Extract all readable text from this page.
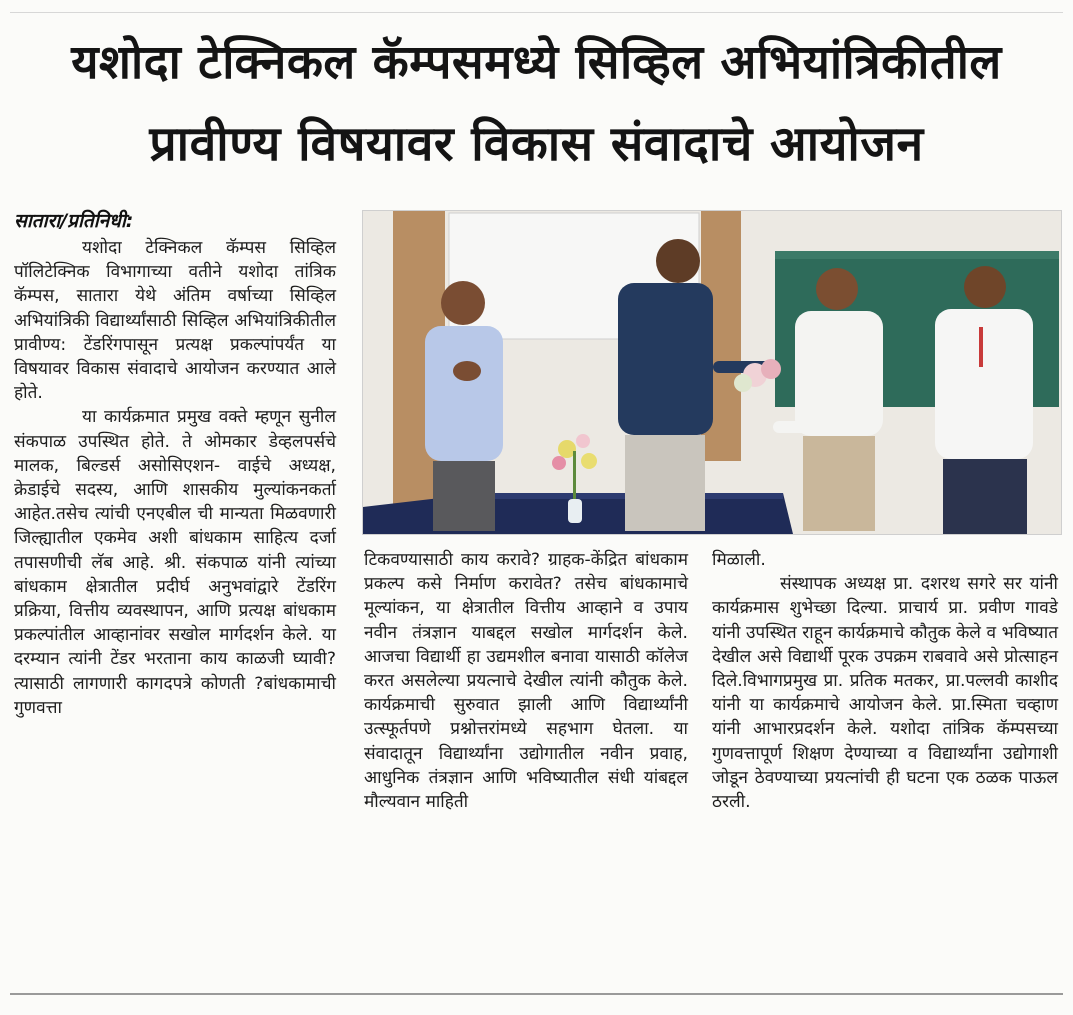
यशोदा टेक्निकल कॅम्पसमध्ये सिव्हिल अभियांत्रिकीतील
प्रावीण्य विषयावर विकास संवादाचे आयोजन
सातारा/प्रतिनिधी:

यशोदा टेक्निकल कॅम्पस सिव्हिल पॉलिटेक्निक विभागाच्या वतीने यशोदा तांत्रिक कॅम्पस, सातारा येथे अंतिम वर्षाच्या सिव्हिल अभियांत्रिकी विद्यार्थ्यांसाठी सिव्हिल अभियांत्रिकीतील प्रावीण्य: टेंडरिंगपासून प्रत्यक्ष प्रकल्पांपर्यंत या विषयावर विकास संवादाचे आयोजन करण्यात आले होते.

या कार्यक्रमात प्रमुख वक्ते म्हणून सुनील संकपाळ उपस्थित होते. ते ओमकार डेव्हलपर्सचे मालक, बिल्डर्स असोसिएशन- वाईचे अध्यक्ष, क्रेडाईचे सदस्य, आणि शासकीय मुल्यांकनकर्ता आहेत.तसेच त्यांची एनएबील ची मान्यता मिळवणारी जिल्ह्यातील एकमेव अशी बांधकाम साहित्य दर्जा तपासणीची लॅब आहे. श्री. संकपाळ यांनी त्यांच्या बांधकाम क्षेत्रातील प्रदीर्घ अनुभवांद्वारे टेंडरिंग प्रक्रिया, वित्तीय व्यवस्थापन, आणि प्रत्यक्ष बांधकाम प्रकल्पांतील आव्हानांवर सखोल मार्गदर्शन केले. या दरम्यान त्यांनी टेंडर भरताना काय काळजी घ्यावी? त्यासाठी लागणारी कागदपत्रे कोणती ?बांधकामाची गुणवत्ता

टिकवण्यासाठी काय करावे? ग्राहक-केंद्रित बांधकाम प्रकल्प कसे निर्माण करावेत? तसेच बांधकामाचे मूल्यांकन, या क्षेत्रातील वित्तीय आव्हाने व उपाय नवीन तंत्रज्ञान याबद्दल सखोल मार्गदर्शन केले. आजचा विद्यार्थी हा उद्यमशील बनावा यासाठी कॉलेज करत असलेल्या प्रयत्नाचे देखील त्यांनी कौतुक केले. कार्यक्रमाची सुरुवात झाली आणि विद्यार्थ्यांनी उत्स्फूर्तपणे प्रश्नोत्तरांमध्ये सहभाग घेतला. या संवादातून विद्यार्थ्यांना उद्योगातील नवीन प्रवाह, आधुनिक तंत्रज्ञान आणि भविष्यातील संधी यांबद्दल मौल्यवान माहिती

मिळाली.

संस्थापक अध्यक्ष प्रा. दशरथ सगरे सर यांनी कार्यक्रमास शुभेच्छा दिल्या. प्राचार्य प्रा. प्रवीण गावडे यांनी उपस्थित राहून कार्यक्रमाचे कौतुक केले व भविष्यात देखील असे विद्यार्थी पूरक उपक्रम राबवावे असे प्रोत्साहन दिले.विभागप्रमुख प्रा. प्रतिक मतकर, प्रा.पल्लवी काशीद यांनी या कार्यक्रमाचे आयोजन केले. प्रा.स्मिता चव्हाण यांनी आभारप्रदर्शन केले. यशोदा तांत्रिक कॅम्पसच्या गुणवत्तापूर्ण शिक्षण देण्याच्या व विद्यार्थ्यांना उद्योगाशी जोडून ठेवण्याच्या प्रयत्नांची ही घटना एक ठळक पाऊल ठरली.
